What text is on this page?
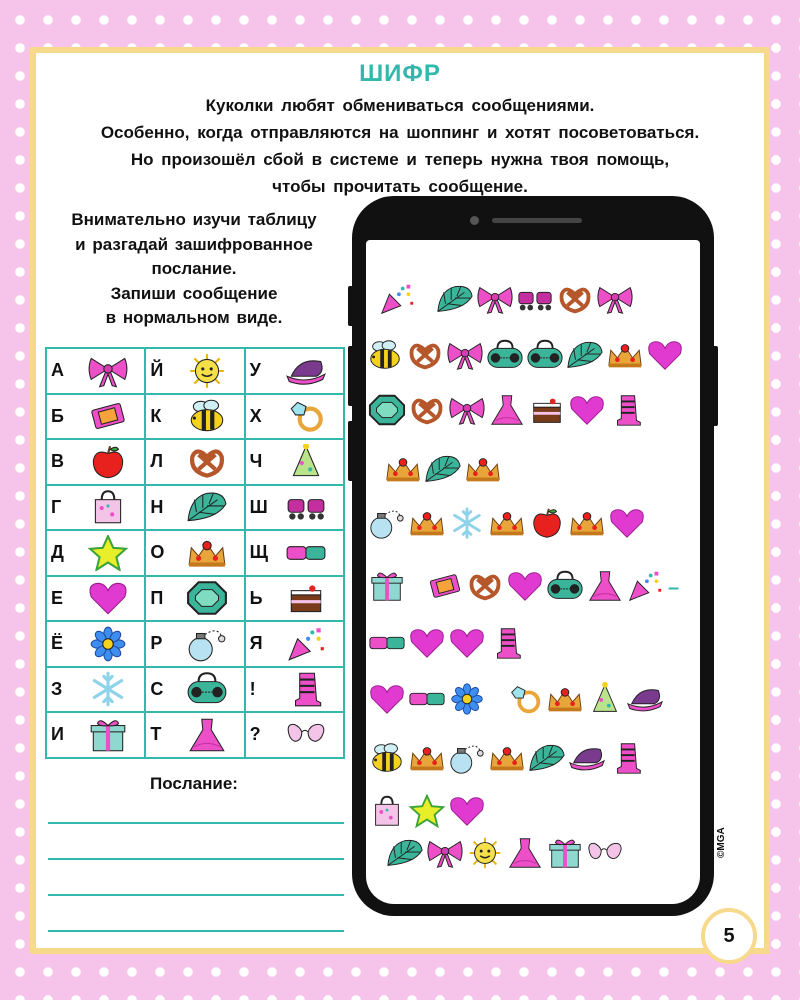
ШИФР
Куколки любят обмениваться сообщениями.
Особенно, когда отправляются на шоппинг и хотят посоветоваться.
Но произошёл сбой в системе и теперь нужна твоя помощь,
чтобы прочитать сообщение.
Внимательно изучи таблицу
и разгадай зашифрованное
послание.
Запиши сообщение
в нормальном виде.
А	Й	У

Б	К	Х

В	Л	Ч

Г	Н	Ш

Д	О	Щ

Е	П	Ь

Ё	Р	Я

З	С	!

И	Т	?
Послание:
–
©MGA
5
